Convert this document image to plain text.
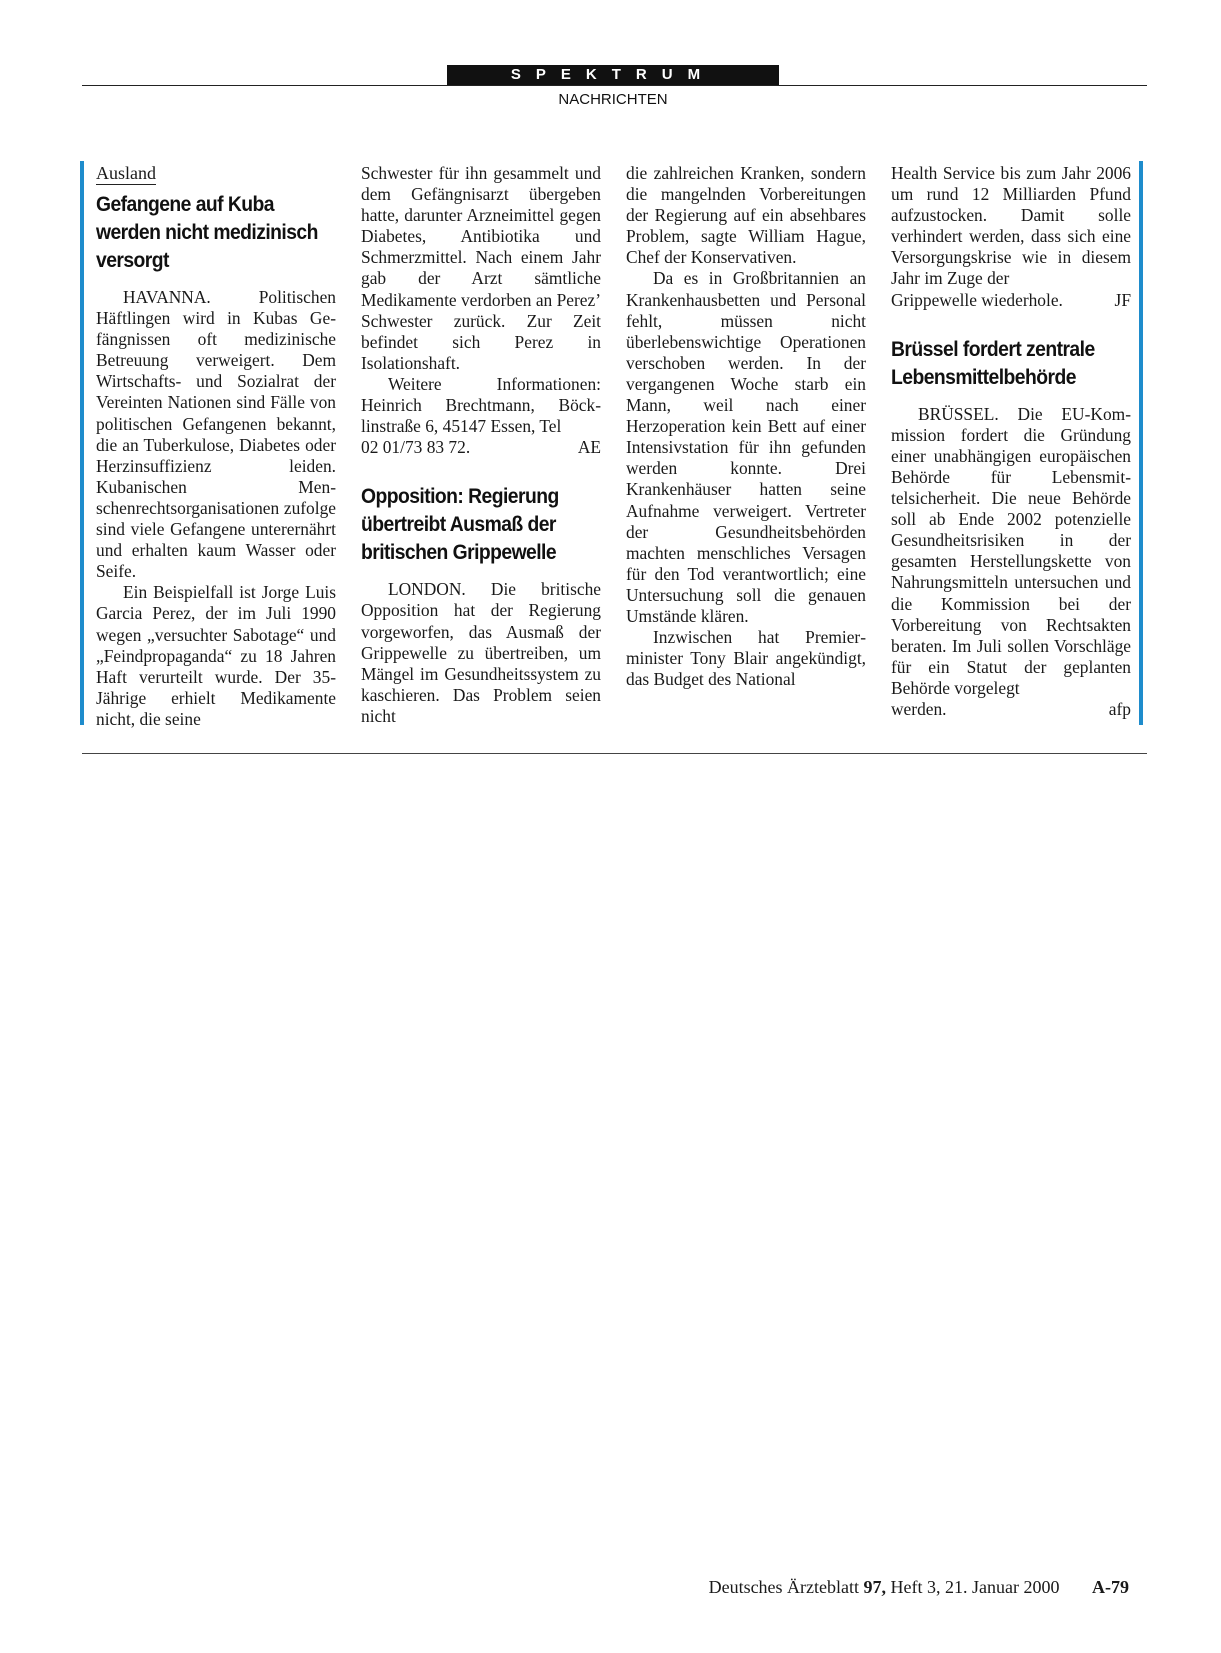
SPEKTRUM
NACHRICHTEN
Ausland
Gefangene auf Kuba werden nicht medizinisch versorgt

HAVANNA. Politischen Häftlingen wird in Kubas Gefängnissen oft medizinische Betreuung verweigert. Dem Wirtschafts- und Sozialrat der Vereinten Nationen sind Fälle von politischen Gefangenen bekannt, die an Tuberkulose, Diabetes oder Herzinsuffizienz leiden. Kubanischen Menschenrechtsorganisationen zufolge sind viele Gefangene unterernährt und erhalten kaum Wasser oder Seife.

Ein Beispielfall ist Jorge Luis Garcia Perez, der im Juli 1990 wegen „versuchter Sabotage“ und „Feindpropaganda“ zu 18 Jahren Haft verurteilt wurde. Der 35-Jährige erhielt Medikamente nicht, die seine

Schwester für ihn gesammelt und dem Gefängnisarzt übergeben hatte, darunter Arzneimittel gegen Diabetes, Antibiotika und Schmerzmittel. Nach einem Jahr gab der Arzt sämtliche Medikamente verdorben an Perez’ Schwester zurück. Zur Zeit befindet sich Perez in Isolationshaft.

Weitere Informationen: Heinrich Brechtmann, Böcklinstraße 6, 45147 Essen, Tel

02 01/73 83 72.	AE
Opposition: Regierung übertreibt Ausmaß der britischen Grippewelle

LONDON. Die britische Opposition hat der Regierung vorgeworfen, das Ausmaß der Grippewelle zu übertreiben, um Mängel im Gesundheitssystem zu kaschieren. Das Problem seien nicht

die zahlreichen Kranken, sondern die mangelnden Vorbereitungen der Regierung auf ein absehbares Problem, sagte William Hague, Chef der Konservativen.

Da es in Großbritannien an Krankenhausbetten und Personal fehlt, müssen nicht überlebenswichtige Operationen verschoben werden. In der vergangenen Woche starb ein Mann, weil nach einer Herzoperation kein Bett auf einer Intensivstation für ihn gefunden werden konnte. Drei Krankenhäuser hatten seine Aufnahme verweigert. Vertreter der Gesundheitsbehörden machten menschliches Versagen für den Tod verantwortlich; eine Untersuchung soll die genauen Umstände klären.

Inzwischen hat Premierminister Tony Blair angekündigt, das Budget des National

Health Service bis zum Jahr 2006 um rund 12 Milliarden Pfund aufzustocken. Damit solle verhindert werden, dass sich eine Versorgungskrise wie in diesem Jahr im Zuge der

Grippewelle wiederhole.	JF
Brüssel fordert zentrale Lebensmittelbehörde

BRÜSSEL. Die EU-Kommission fordert die Gründung einer unabhängigen europäischen Behörde für Lebensmittelsicherheit. Die neue Behörde soll ab Ende 2002 potenzielle Gesundheitsrisiken in der gesamten Herstellungskette von Nahrungsmitteln untersuchen und die Kommission bei der Vorbereitung von Rechtsakten beraten. Im Juli sollen Vorschläge für ein Statut der geplanten Behörde vorgelegt

werden.	afp
Deutsches Ärzteblatt 97, Heft 3, 21. Januar 2000 A-79
